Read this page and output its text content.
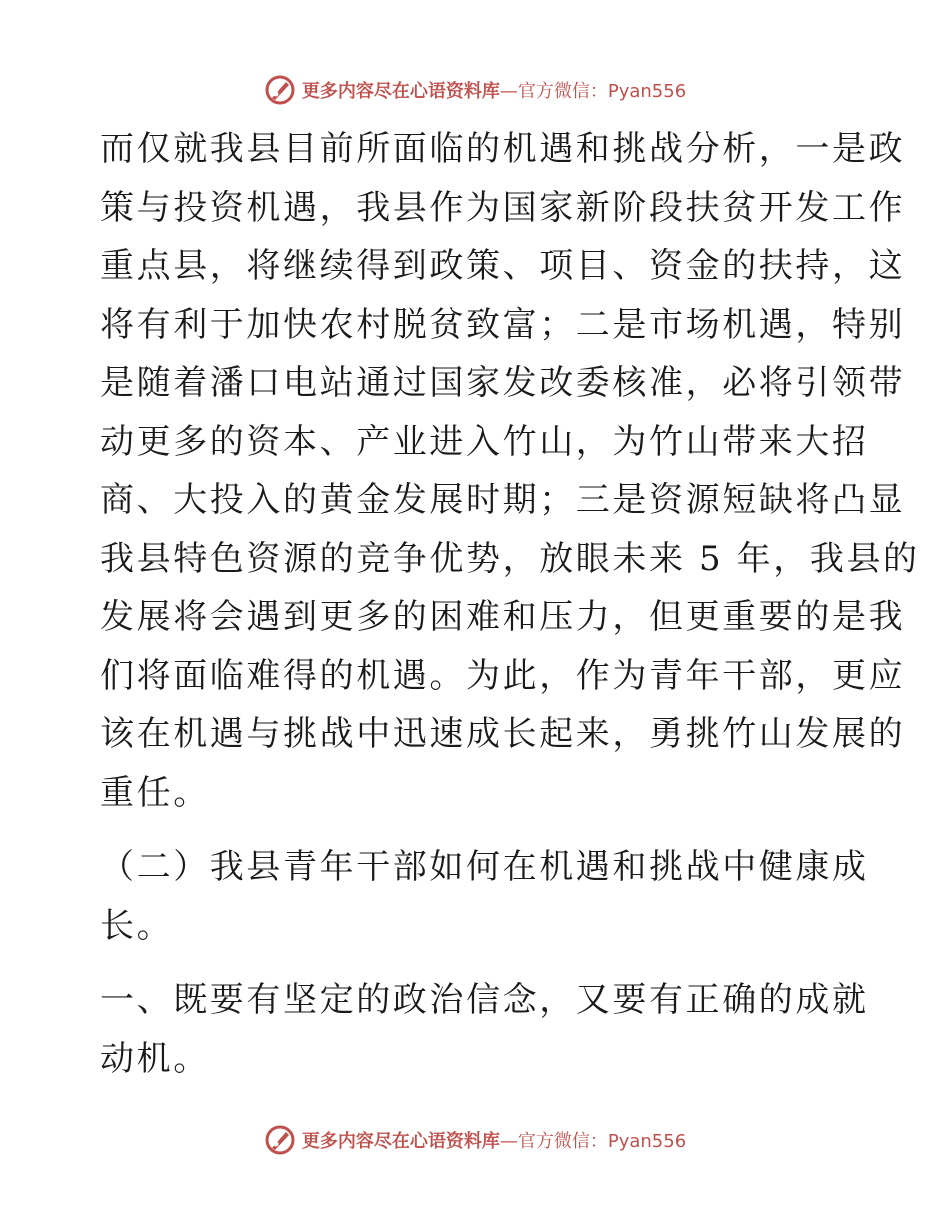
更多内容尽在心语资料库 —官方微信：Pyan556
而仅就我县目前所面临的机遇和挑战分析，一是政
策与投资机遇，我县作为国家新阶段扶贫开发工作
重点县，将继续得到政策、项目、资金的扶持，这
将有利于加快农村脱贫致富；二是市场机遇，特别
是随着潘口电站通过国家发改委核准，必将引领带
动更多的资本、产业进入竹山，为竹山带来大招
商、大投入的黄金发展时期；三是资源短缺将凸显
我县特色资源的竞争优势，放眼未来 5 年，我县的
发展将会遇到更多的困难和压力，但更重要的是我
们将面临难得的机遇。为此，作为青年干部，更应
该在机遇与挑战中迅速成长起来，勇挑竹山发展的
重任。
（二）我县青年干部如何在机遇和挑战中健康成
长。
一、既要有坚定的政治信念，又要有正确的成就
动机。
更多内容尽在心语资料库 —官方微信：Pyan556
